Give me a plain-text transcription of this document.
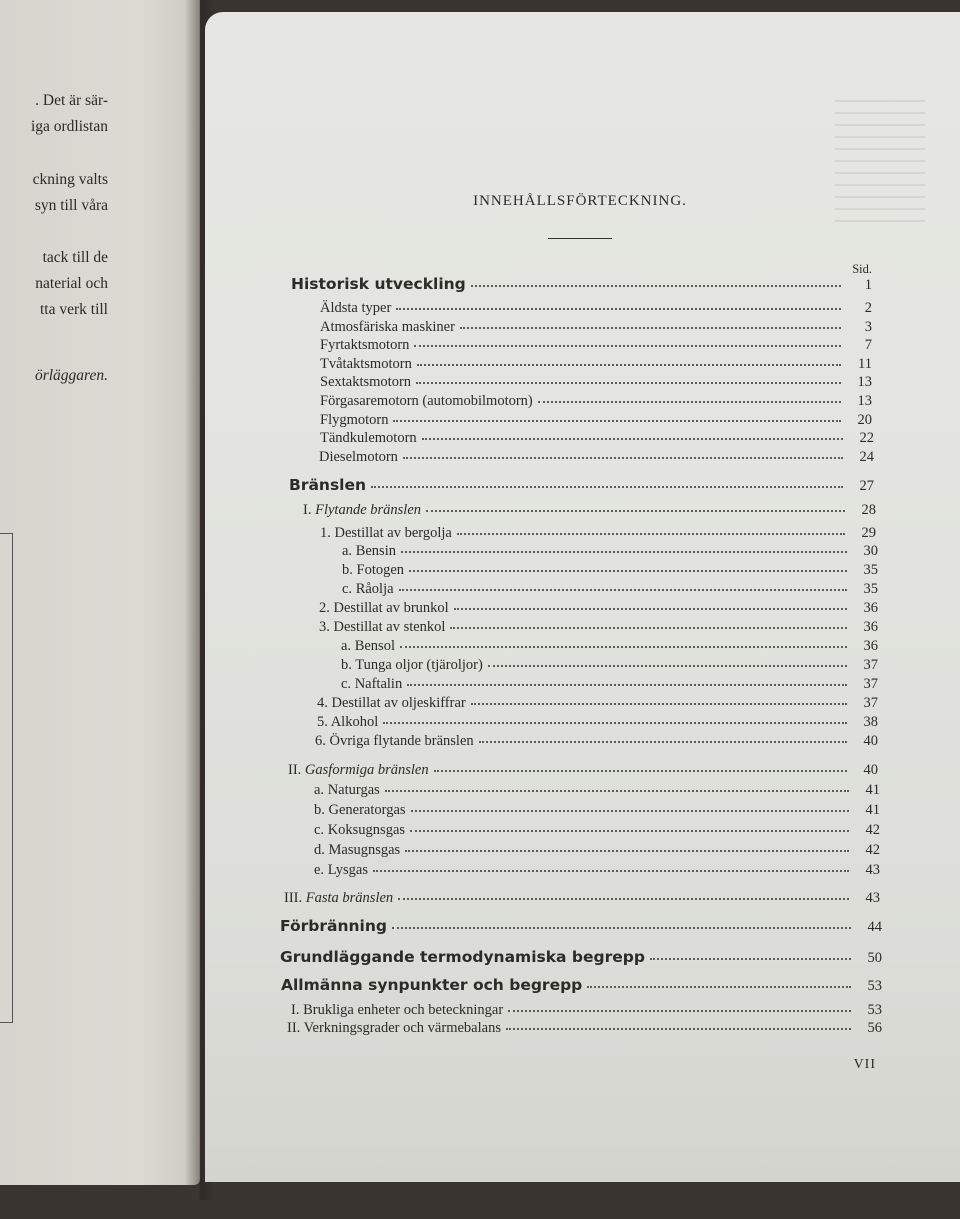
. Det är sär-
iga ordlistan
ckning valts
syn till våra
tack till de
naterial och
tta verk till
örläggaren.
INNEHÅLLSFÖRTECKNING.
Sid.
Historisk utveckling	1
Äldsta typer	2
Atmosfäriska maskiner	3
Fyrtaktsmotorn	7
Tvåtaktsmotorn	11
Sextaktsmotorn	13
Förgasaremotorn (automobilmotorn)	13
Flygmotorn	20
Tändkulemotorn	22
Dieselmotorn	24
Bränslen	27
I. Flytande bränslen	28
1. Destillat av bergolja	29
a. Bensin	30
b. Fotogen	35
c. Råolja	35
2. Destillat av brunkol	36
3. Destillat av stenkol	36
a. Bensol	36
b. Tunga oljor (tjäroljor)	37
c. Naftalin	37
4. Destillat av oljeskiffrar	37
5. Alkohol	38
6. Övriga flytande bränslen	40
II. Gasformiga bränslen	40
a. Naturgas	41
b. Generatorgas	41
c. Koksugnsgas	42
d. Masugnsgas	42
e. Lysgas	43
III. Fasta bränslen	43
Förbränning	44
Grundläggande termodynamiska begrepp	50
Allmänna synpunkter och begrepp	53
I. Brukliga enheter och beteckningar	53
II. Verkningsgrader och värmebalans	56
VII
